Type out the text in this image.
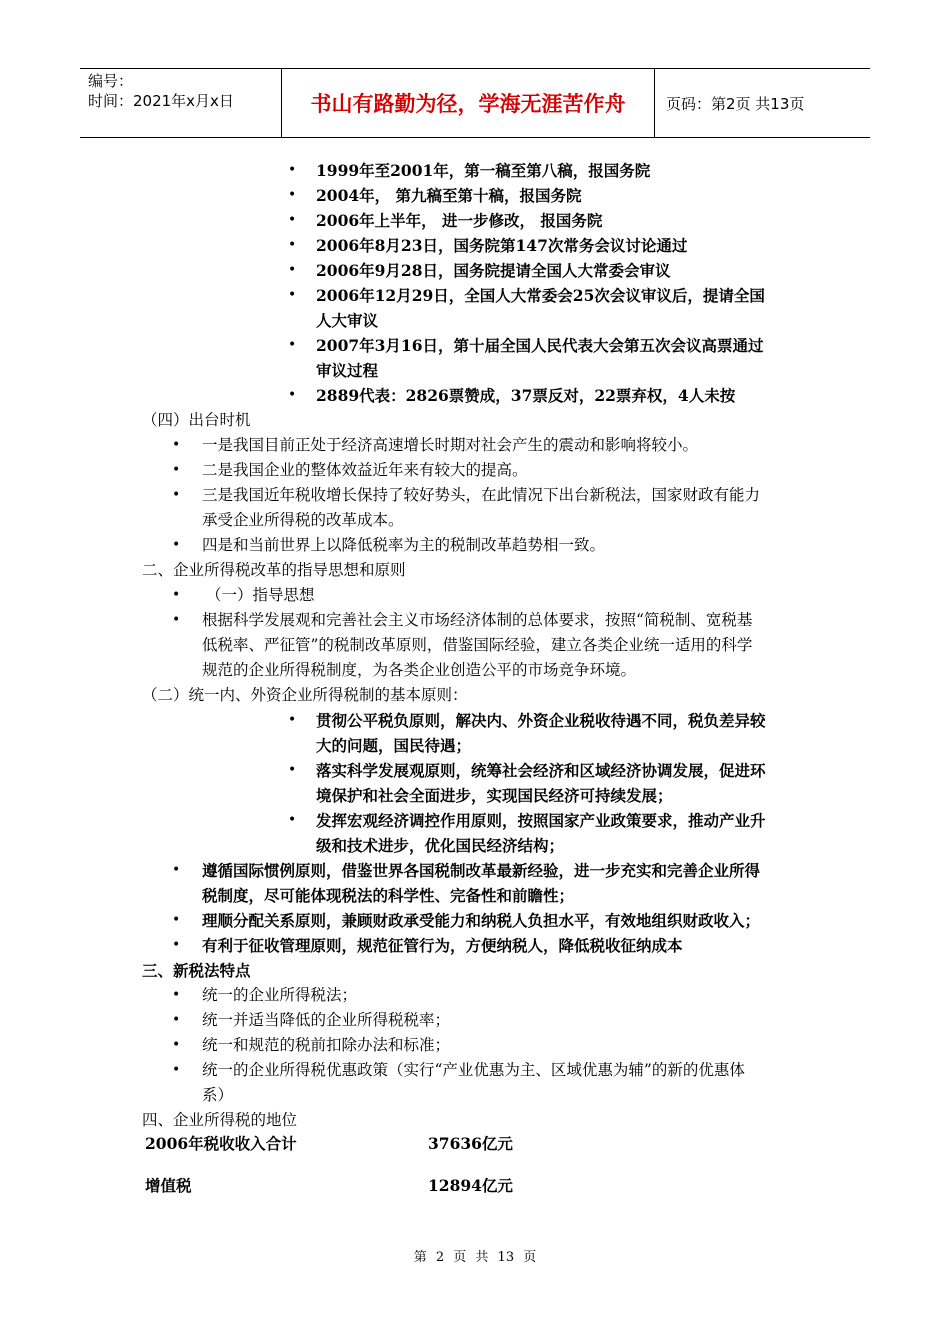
编号：
时间：2021年x月x日	书山有路勤为径，学海无涯苦作舟	页码：第2页 共13页
• 1999年至2001年，第一稿至第八稿，报国务院
• 2004年， 第九稿至第十稿，报国务院
• 2006年上半年， 进一步修改， 报国务院
• 2006年8月23日，国务院第147次常务会议讨论通过
• 2006年9月28日，国务院提请全国人大常委会审议
• 2006年12月29日，全国人大常委会25次会议审议后，提请全国
人大审议
• 2007年3月16日，第十届全国人民代表大会第五次会议高票通过
审议过程
• 2889代表：2826票赞成，37票反对，22票弃权，4人未按
（四）出台时机
• 一是我国目前正处于经济高速增长时期对社会产生的震动和影响将较小。
• 二是我国企业的整体效益近年来有较大的提高。
• 三是我国近年税收增长保持了较好势头，在此情况下出台新税法，国家财政有能力
承受企业所得税的改革成本。
• 四是和当前世界上以降低税率为主的税制改革趋势相一致。
二、企业所得税改革的指导思想和原则
• （一）指导思想
• 根据科学发展观和完善社会主义市场经济体制的总体要求，按照“简税制、宽税基
低税率、严征管”的税制改革原则，借鉴国际经验，建立各类企业统一适用的科学
规范的企业所得税制度，为各类企业创造公平的市场竞争环境。
（二）统一内、外资企业所得税制的基本原则：
• 贯彻公平税负原则，解决内、外资企业税收待遇不同，税负差异较
大的问题，国民待遇；
• 落实科学发展观原则，统筹社会经济和区域经济协调发展，促进环
境保护和社会全面进步，实现国民经济可持续发展；
• 发挥宏观经济调控作用原则，按照国家产业政策要求，推动产业升
级和技术进步，优化国民经济结构；
• 遵循国际惯例原则，借鉴世界各国税制改革最新经验，进一步充实和完善企业所得
税制度，尽可能体现税法的科学性、完备性和前瞻性；
• 理顺分配关系原则，兼顾财政承受能力和纳税人负担水平，有效地组织财政收入；
• 有利于征收管理原则，规范征管行为，方便纳税人，降低税收征纳成本
三、新税法特点
• 统一的企业所得税法；
• 统一并适当降低的企业所得税税率；
• 统一和规范的税前扣除办法和标准；
• 统一的企业所得税优惠政策（实行“产业优惠为主、区域优惠为辅”的新的优惠体
系）
四、企业所得税的地位
2006年税收收入合计	37636亿元
增值税	12894亿元
第 2 页 共 13 页
